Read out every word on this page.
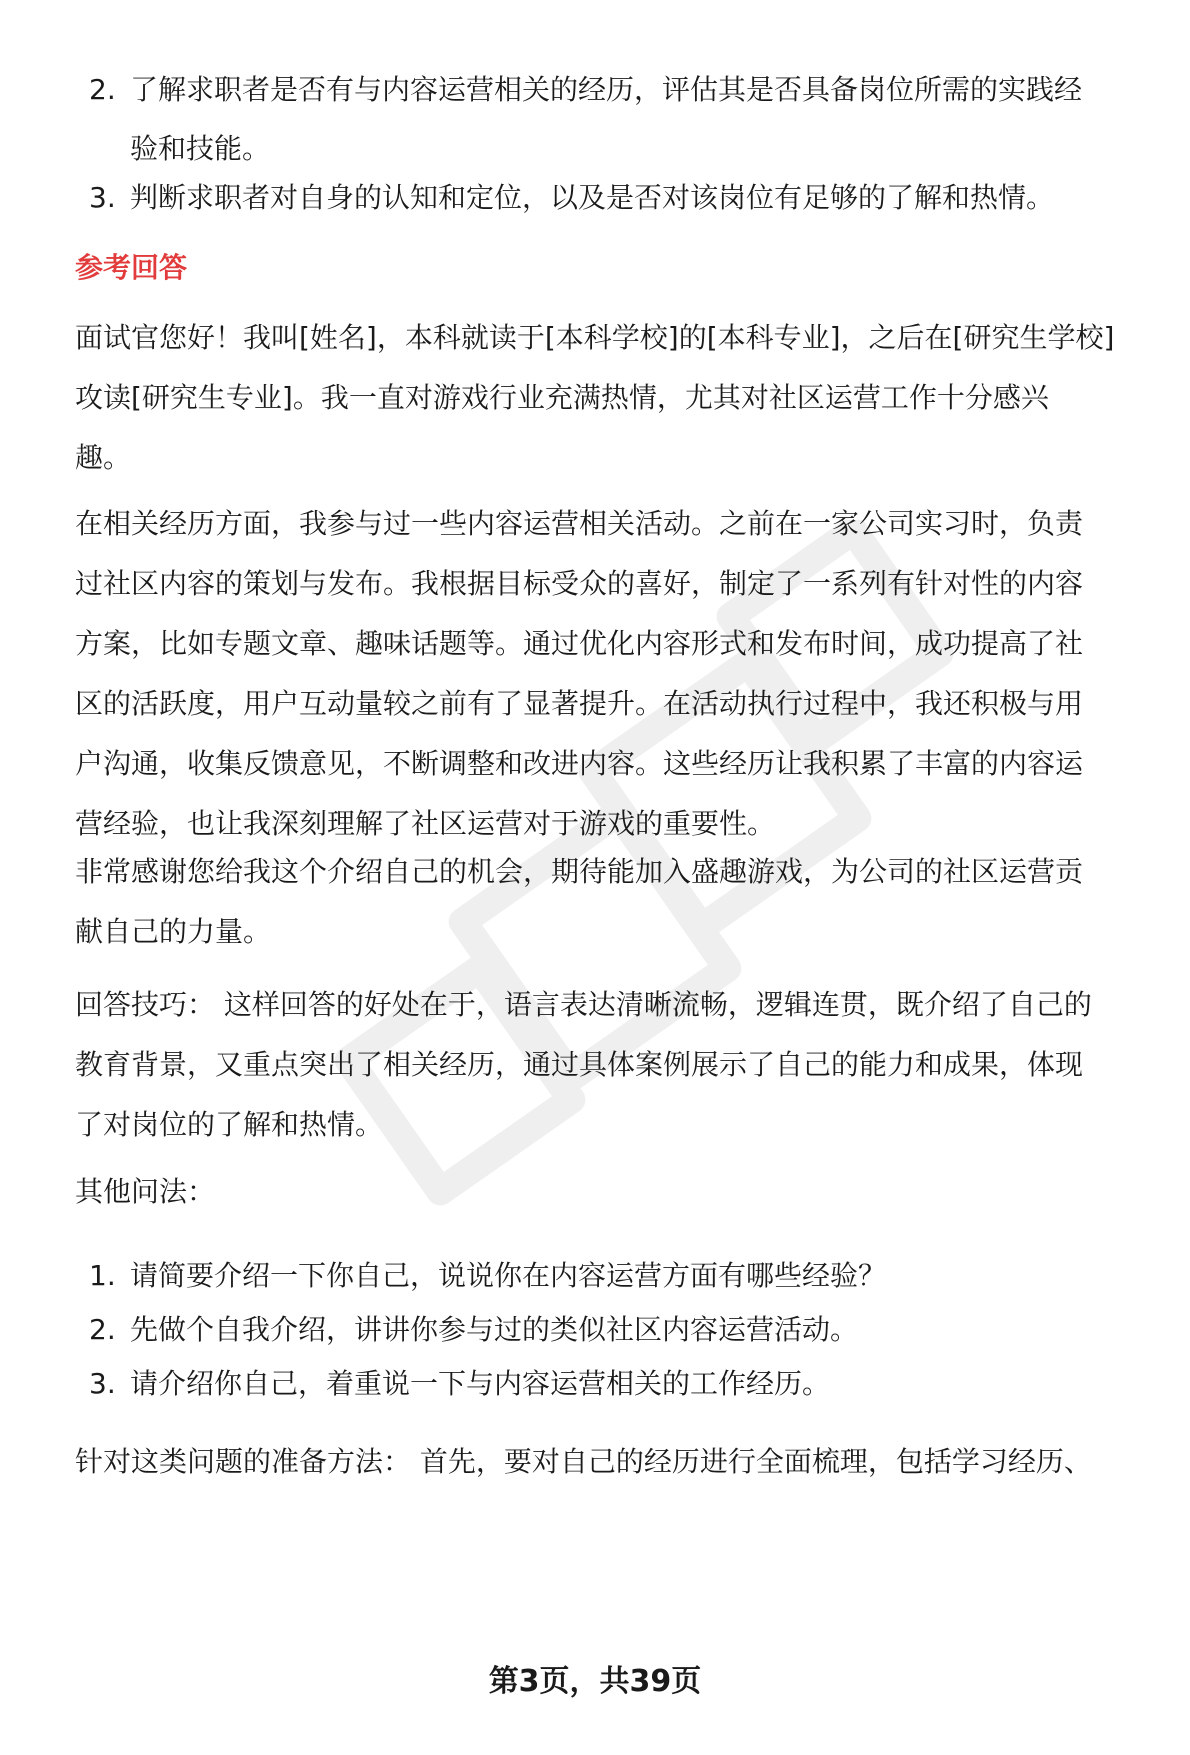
2. 了解求职者是否有与内容运营相关的经历，评估其是否具备岗位所需的实践经
验和技能。
3. 判断求职者对自身的认知和定位，以及是否对该岗位有足够的了解和热情。
参考回答
面试官您好！我叫[姓名]，本科就读于[本科学校]的[本科专业]，之后在[研究生学校]
攻读[研究生专业]。我一直对游戏行业充满热情，尤其对社区运营工作十分感兴
趣。
在相关经历方面，我参与过一些内容运营相关活动。之前在一家公司实习时，负责
过社区内容的策划与发布。我根据目标受众的喜好，制定了一系列有针对性的内容
方案，比如专题文章、趣味话题等。通过优化内容形式和发布时间，成功提高了社
区的活跃度，用户互动量较之前有了显著提升。在活动执行过程中，我还积极与用
户沟通，收集反馈意见，不断调整和改进内容。这些经历让我积累了丰富的内容运
营经验，也让我深刻理解了社区运营对于游戏的重要性。
非常感谢您给我这个介绍自己的机会，期待能加入盛趣游戏，为公司的社区运营贡
献自己的力量。
回答技巧： 这样回答的好处在于，语言表达清晰流畅，逻辑连贯，既介绍了自己的
教育背景，又重点突出了相关经历，通过具体案例展示了自己的能力和成果，体现
了对岗位的了解和热情。
其他问法：
1. 请简要介绍一下你自己，说说你在内容运营方面有哪些经验？
2. 先做个自我介绍，讲讲你参与过的类似社区内容运营活动。
3. 请介绍你自己，着重说一下与内容运营相关的工作经历。
针对这类问题的准备方法： 首先，要对自己的经历进行全面梳理，包括学习经历、
第3页，共39页
